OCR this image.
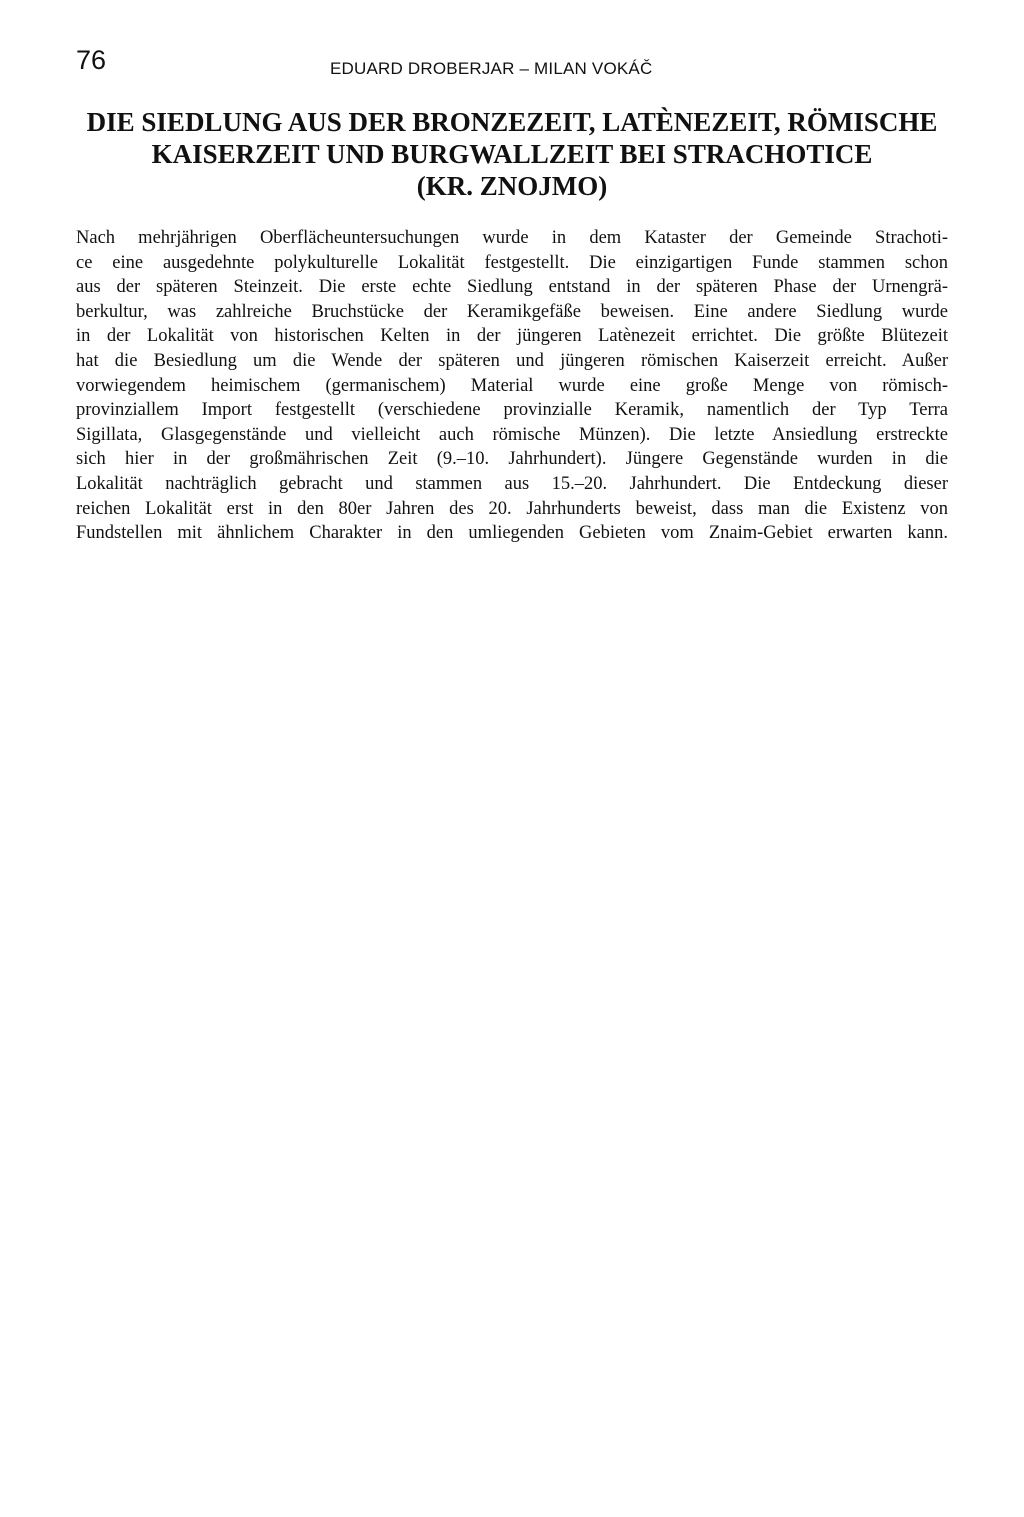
76	EDUARD DROBERJAR – MILAN VOKÁČ
DIE SIEDLUNG AUS DER BRONZEZEIT, LATÈNEZEIT, RÖMISCHE
KAISERZEIT UND BURGWALLZEIT BEI STRACHOTICE
(KR. ZNOJMO)
Nach mehrjährigen Oberflächeuntersuchungen wurde in dem Kataster der Gemeinde Strachoti-
ce eine ausgedehnte polykulturelle Lokalität festgestellt. Die einzigartigen Funde stammen schon
aus der späteren Steinzeit. Die erste echte Siedlung entstand in der späteren Phase der Urnengrä-
berkultur, was zahlreiche Bruchstücke der Keramikgefäße beweisen. Eine andere Siedlung wurde
in der Lokalität von historischen Kelten in der jüngeren Latènezeit errichtet. Die größte Blütezeit
hat die Besiedlung um die Wende der späteren und jüngeren römischen Kaiserzeit erreicht. Außer
vorwiegendem heimischem (germanischem) Material wurde eine große Menge von römisch-
provinziallem Import festgestellt (verschiedene provinzialle Keramik, namentlich der Typ Terra
Sigillata, Glasgegenstände und vielleicht auch römische Münzen). Die letzte Ansiedlung erstreckte
sich hier in der großmährischen Zeit (9.–10. Jahrhundert). Jüngere Gegenstände wurden in die
Lokalität nachträglich gebracht und stammen aus 15.–20. Jahrhundert. Die Entdeckung dieser
reichen Lokalität erst in den 80er Jahren des 20. Jahrhunderts beweist, dass man die Existenz von
Fundstellen mit ähnlichem Charakter in den umliegenden Gebieten vom Znaim-Gebiet erwarten kann.
